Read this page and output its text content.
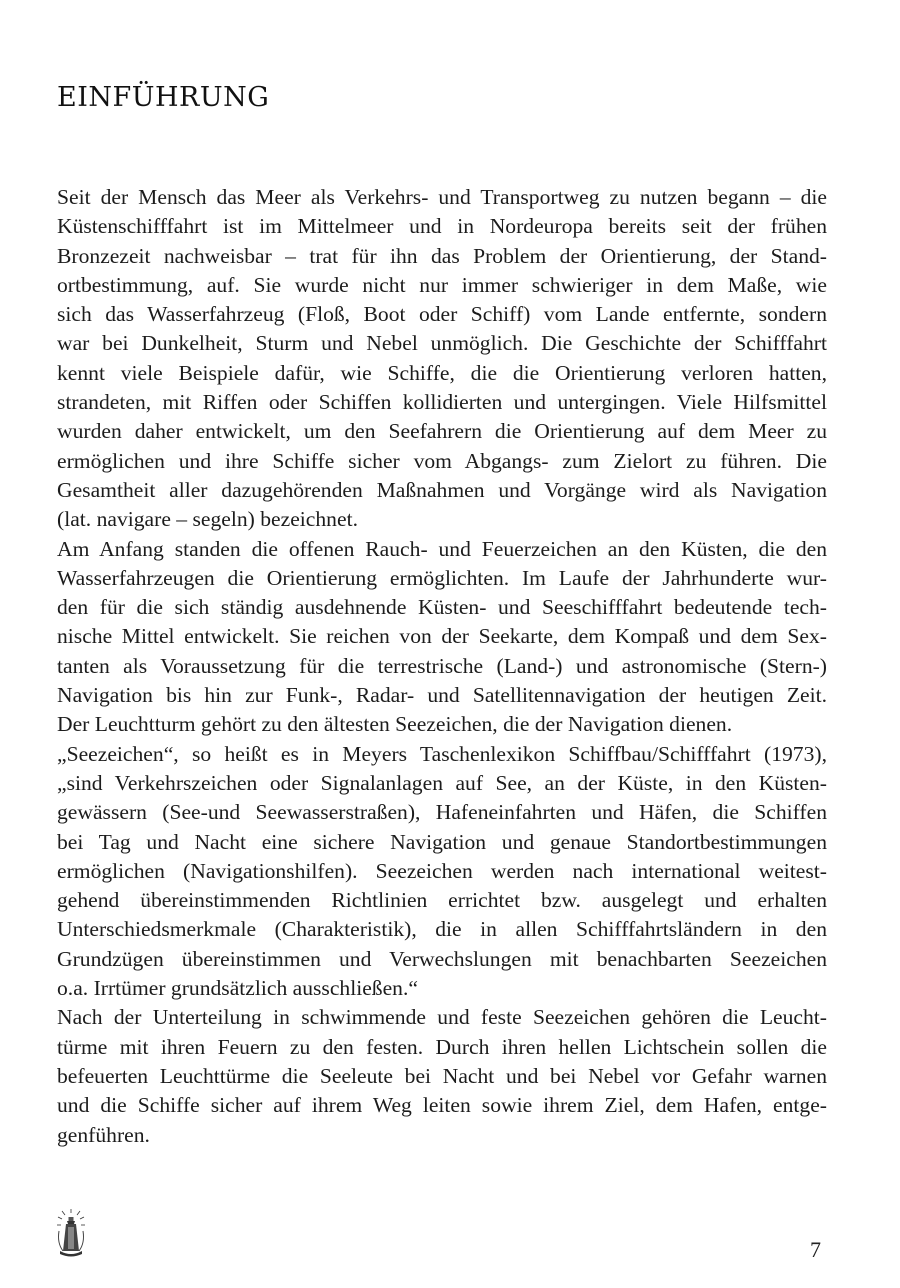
EINFÜHRUNG
Seit der Mensch das Meer als Verkehrs- und Transportweg zu nutzen begann – die
Küstenschifffahrt ist im Mittelmeer und in Nordeuropa bereits seit der frühen
Bronzezeit nachweisbar – trat für ihn das Problem der Orientierung, der Stand-
ortbestimmung, auf. Sie wurde nicht nur immer schwieriger in dem Maße, wie
sich das Wasserfahrzeug (Floß, Boot oder Schiff) vom Lande entfernte, sondern
war bei Dunkelheit, Sturm und Nebel unmöglich. Die Geschichte der Schifffahrt
kennt viele Beispiele dafür, wie Schiffe, die die Orientierung verloren hatten,
strandeten, mit Riffen oder Schiffen kollidierten und untergingen. Viele Hilfsmittel
wurden daher entwickelt, um den Seefahrern die Orientierung auf dem Meer zu
ermöglichen und ihre Schiffe sicher vom Abgangs- zum Zielort zu führen. Die
Gesamtheit aller dazugehörenden Maßnahmen und Vorgänge wird als Navigation
(lat. navigare – segeln) bezeichnet.
Am Anfang standen die offenen Rauch- und Feuerzeichen an den Küsten, die den
Wasserfahrzeugen die Orientierung ermöglichten. Im Laufe der Jahrhunderte wur-
den für die sich ständig ausdehnende Küsten- und Seeschifffahrt bedeutende tech-
nische Mittel entwickelt. Sie reichen von der Seekarte, dem Kompaß und dem Sex-
tanten als Voraussetzung für die terrestrische (Land-) und astronomische (Stern-)
Navigation bis hin zur Funk-, Radar- und Satellitennavigation der heutigen Zeit.
Der Leuchtturm gehört zu den ältesten Seezeichen, die der Navigation dienen.
„Seezeichen“, so heißt es in Meyers Taschenlexikon Schiffbau/Schifffahrt (1973),
„sind Verkehrszeichen oder Signalanlagen auf See, an der Küste, in den Küsten-
gewässern (See-und Seewasserstraßen), Hafeneinfahrten und Häfen, die Schiffen
bei Tag und Nacht eine sichere Navigation und genaue Standortbestimmungen
ermöglichen (Navigationshilfen). Seezeichen werden nach international weitest-
gehend übereinstimmenden Richtlinien errichtet bzw. ausgelegt und erhalten
Unterschiedsmerkmale (Charakteristik), die in allen Schifffahrtsländern in den
Grundzügen übereinstimmen und Verwechslungen mit benachbarten Seezeichen
o.a. Irrtümer grundsätzlich ausschließen.“
Nach der Unterteilung in schwimmende und feste Seezeichen gehören die Leucht-
türme mit ihren Feuern zu den festen. Durch ihren hellen Lichtschein sollen die
befeuerten Leuchttürme die Seeleute bei Nacht und bei Nebel vor Gefahr warnen
und die Schiffe sicher auf ihrem Weg leiten sowie ihrem Ziel, dem Hafen, entge-
genführen.
7
